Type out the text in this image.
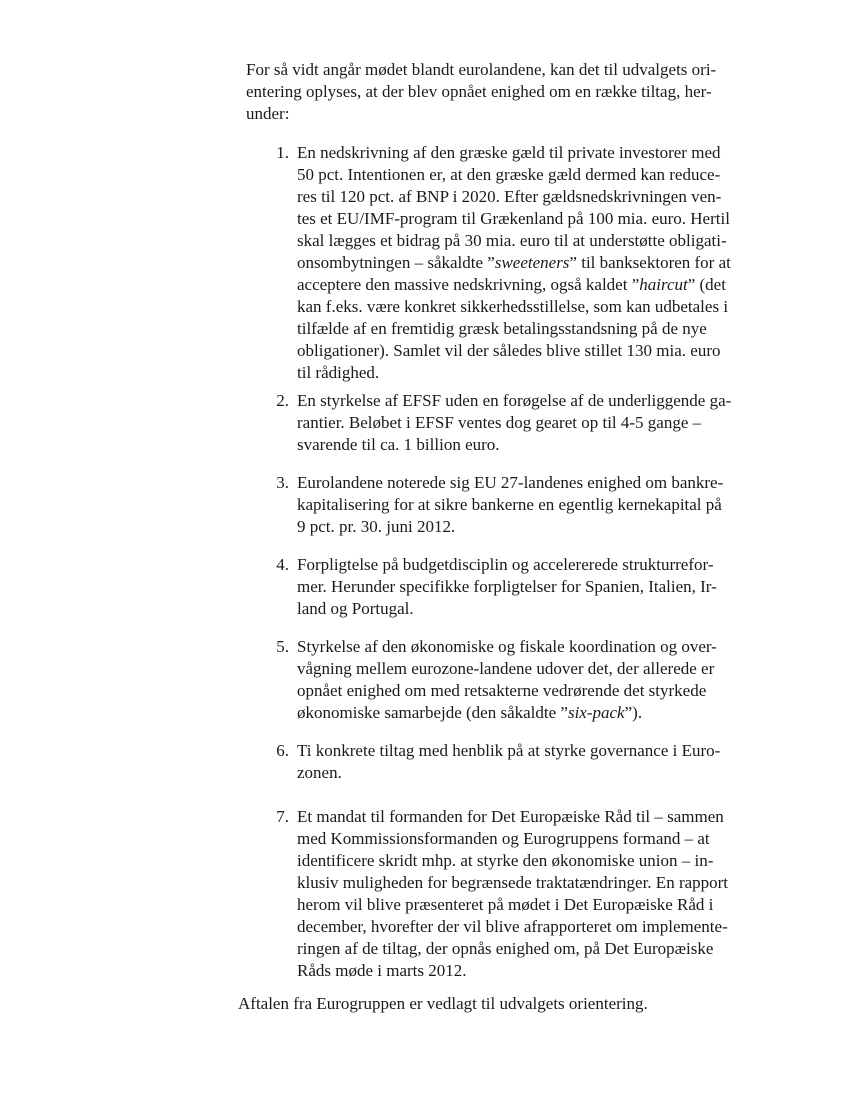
For så vidt angår mødet blandt eurolandene, kan det til udvalgets ori-
entering oplyses, at der blev opnået enighed om en række tiltag, her-
under:
1. En nedskrivning af den græske gæld til private investorer med
50 pct. Intentionen er, at den græske gæld dermed kan reduce-
res til 120 pct. af BNP i 2020. Efter gældsnedskrivningen ven-
tes et EU/IMF-program til Grækenland på 100 mia. euro. Hertil
skal lægges et bidrag på 30 mia. euro til at understøtte obligati-
onsombytningen – såkaldte ”sweeteners” til banksektoren for at
acceptere den massive nedskrivning, også kaldet ”haircut” (det
kan f.eks. være konkret sikkerhedsstillelse, som kan udbetales i
tilfælde af en fremtidig græsk betalingsstandsning på de nye
obligationer). Samlet vil der således blive stillet 130 mia. euro
til rådighed.
2. En styrkelse af EFSF uden en forøgelse af de underliggende ga-
rantier. Beløbet i EFSF ventes dog gearet op til 4-5 gange –
svarende til ca. 1 billion euro.
3. Eurolandene noterede sig EU 27-landenes enighed om bankre-
kapitalisering for at sikre bankerne en egentlig kernekapital på
9 pct. pr. 30. juni 2012.
4. Forpligtelse på budgetdisciplin og accelererede strukturrefor-
mer. Herunder specifikke forpligtelser for Spanien, Italien, Ir-
land og Portugal.
5. Styrkelse af den økonomiske og fiskale koordination og over-
vågning mellem eurozone-landene udover det, der allerede er
opnået enighed om med retsakterne vedrørende det styrkede
økonomiske samarbejde (den såkaldte ”six-pack”).
6. Ti konkrete tiltag med henblik på at styrke governance i Euro-
zonen.
7. Et mandat til formanden for Det Europæiske Råd til – sammen
med Kommissionsformanden og Eurogruppens formand – at
identificere skridt mhp. at styrke den økonomiske union – in-
klusiv muligheden for begrænsede traktatændringer. En rapport
herom vil blive præsenteret på mødet i Det Europæiske Råd i
december, hvorefter der vil blive afrapporteret om implemente-
ringen af de tiltag, der opnås enighed om, på Det Europæiske
Råds møde i marts 2012.
Aftalen fra Eurogruppen er vedlagt til udvalgets orientering.
